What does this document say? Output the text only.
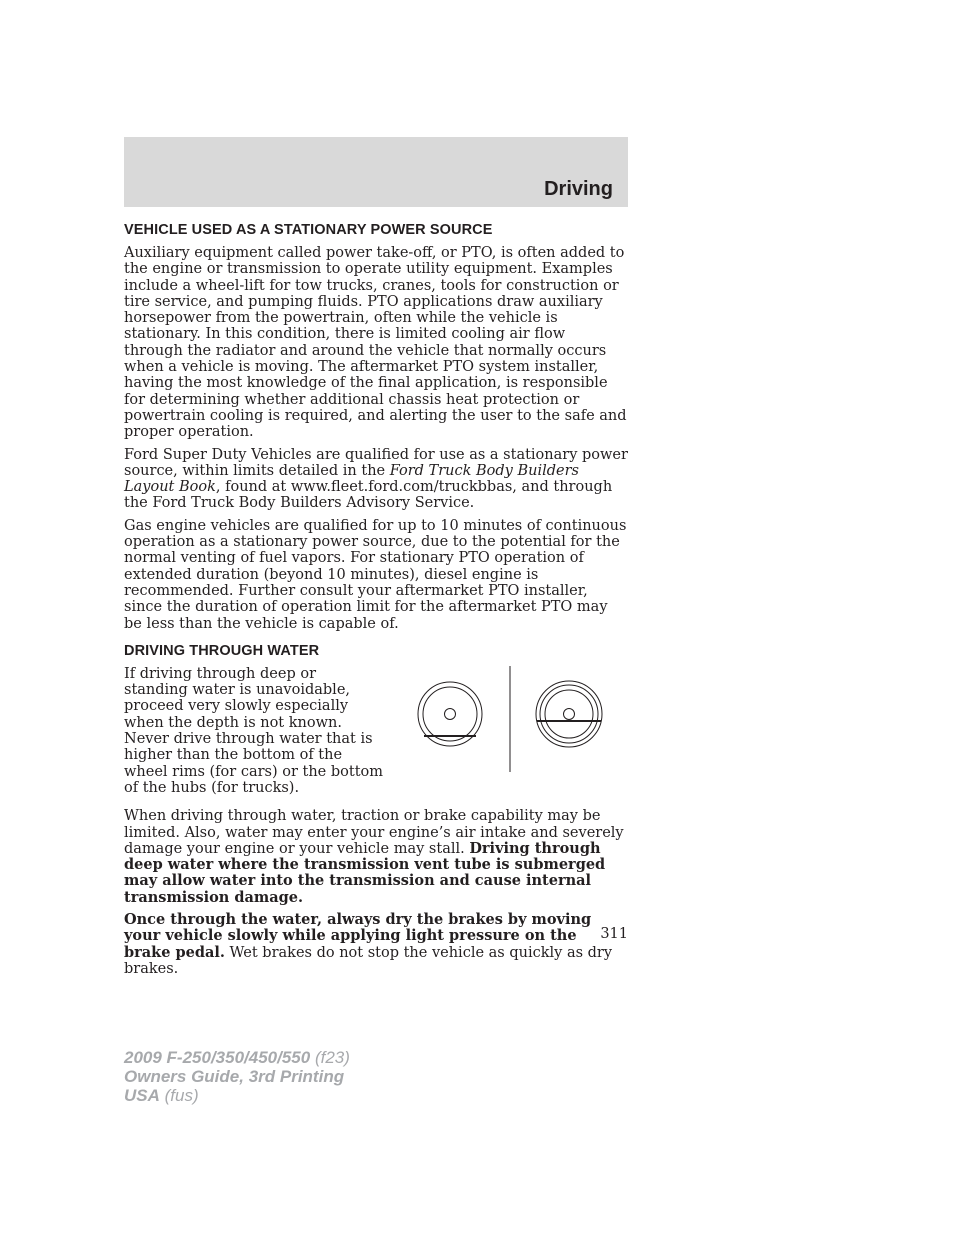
Driving
VEHICLE USED AS A STATIONARY POWER SOURCE

Auxiliary equipment called power take-off, or PTO, is often added to the engine or transmission to operate utility equipment. Examples include a wheel-lift for tow trucks, cranes, tools for construction or tire service, and pumping fluids. PTO applications draw auxiliary horsepower from the powertrain, often while the vehicle is stationary. In this condition, there is limited cooling air flow through the radiator and around the vehicle that normally occurs when a vehicle is moving. The aftermarket PTO system installer, having the most knowledge of the final application, is responsible for determining whether additional chassis heat protection or powertrain cooling is required, and alerting the user to the safe and proper operation.

Ford Super Duty Vehicles are qualified for use as a stationary power source, within limits detailed in the Ford Truck Body Builders Layout Book, found at www.fleet.ford.com/truckbbas, and through the Ford Truck Body Builders Advisory Service.

Gas engine vehicles are qualified for up to 10 minutes of continuous operation as a stationary power source, due to the potential for the normal venting of fuel vapors. For stationary PTO operation of extended duration (beyond 10 minutes), diesel engine is recommended. Further consult your aftermarket PTO installer, since the duration of operation limit for the aftermarket PTO may be less than the vehicle is capable of.

DRIVING THROUGH WATER

If driving through deep or standing water is unavoidable, proceed very slowly especially when the depth is not known. Never drive through water that is higher than the bottom of the wheel rims (for cars) or the bottom of the hubs (for trucks).

When driving through water, traction or brake capability may be limited. Also, water may enter your engine’s air intake and severely damage your engine or your vehicle may stall. Driving through deep water where the transmission vent tube is submerged may allow water into the transmission and cause internal transmission damage.

Once through the water, always dry the brakes by moving your vehicle slowly while applying light pressure on the brake pedal. Wet brakes do not stop the vehicle as quickly as dry brakes.

311
2009 F-250/350/450/550 (f23)
Owners Guide, 3rd Printing
USA (fus)
